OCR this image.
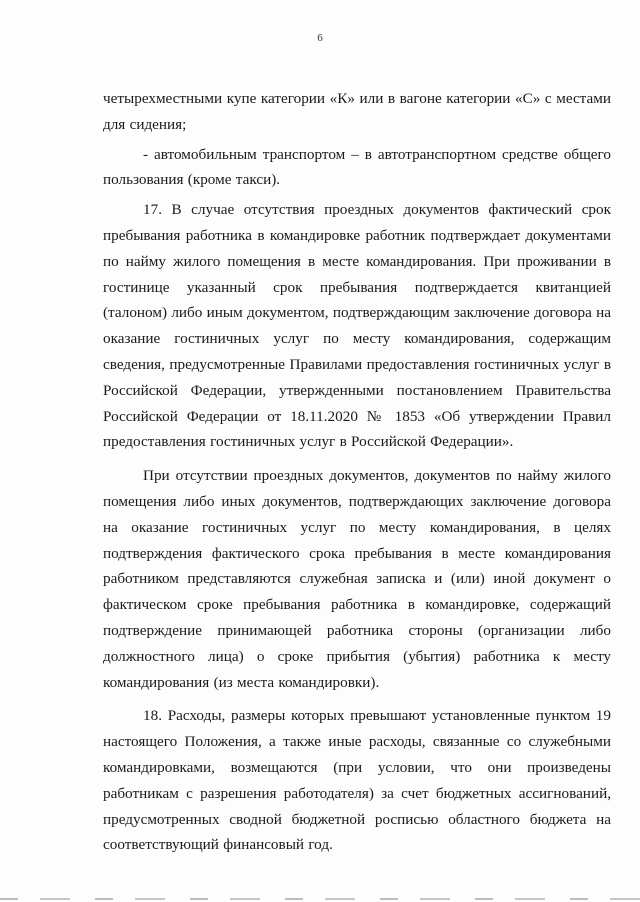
6

четырехместными купе категории «К» или в вагоне категории «С» с местами для сидения;

- автомобильным транспортом – в автотранспортном средстве общего пользования (кроме такси).

17. В случае отсутствия проездных документов фактический срок пребывания работника в командировке работник подтверждает документами по найму жилого помещения в месте командирования. При проживании в гостинице указанный срок пребывания подтверждается квитанцией (талоном) либо иным документом, подтверждающим заключение договора на оказание гостиничных услуг по месту командирования, содержащим сведения, предусмотренные Правилами предоставления гостиничных услуг в Российской Федерации, утвержденными постановлением Правительства Российской Федерации от 18.11.2020 № 1853 «Об утверждении Правил предоставления гостиничных услуг в Российской Федерации».

При отсутствии проездных документов, документов по найму жилого помещения либо иных документов, подтверждающих заключение договора на оказание гостиничных услуг по месту командирования, в целях подтверждения фактического срока пребывания в месте командирования работником представляются служебная записка и (или) иной документ о фактическом сроке пребывания работника в командировке, содержащий подтверждение принимающей работника стороны (организации либо должностного лица) о сроке прибытия (убытия) работника к месту командирования (из места командировки).

18. Расходы, размеры которых превышают установленные пунктом 19 настоящего Положения, а также иные расходы, связанные со служебными командировками, возмещаются (при условии, что они произведены работникам с разрешения работодателя) за счет бюджетных ассигнований, предусмотренных сводной бюджетной росписью областного бюджета на соответствующий финансовый год.
